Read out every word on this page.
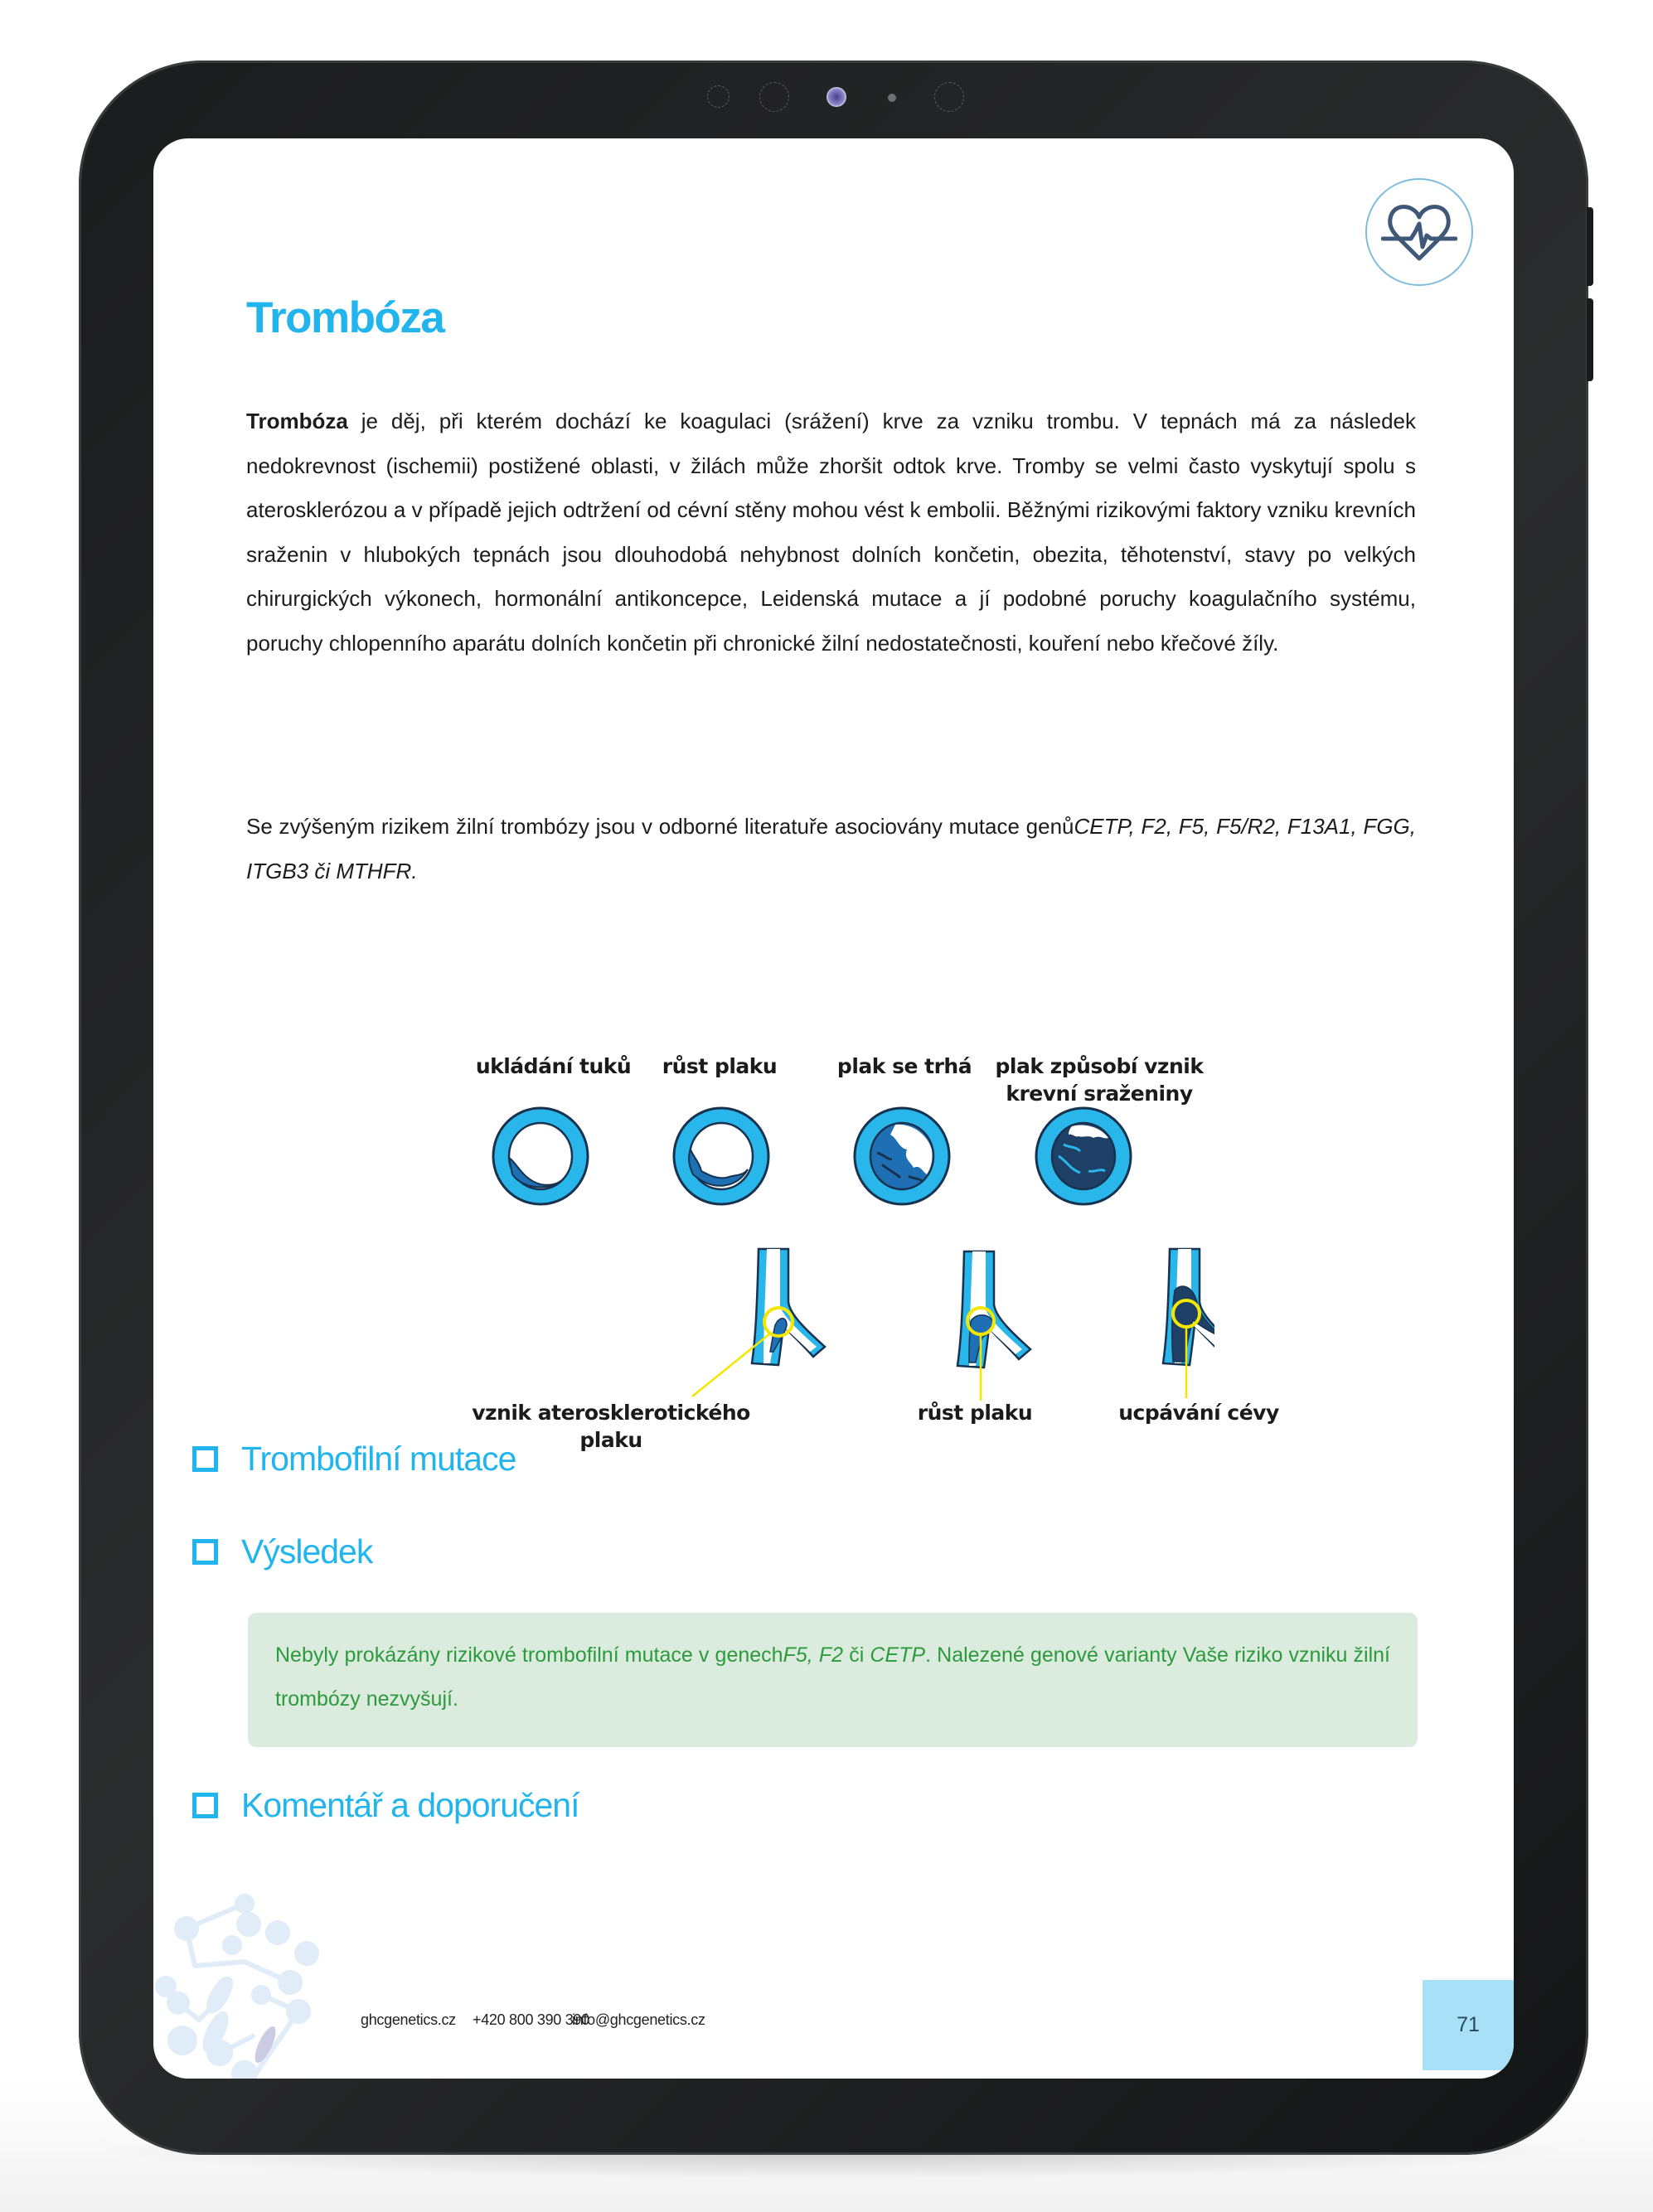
Trombóza

Trombóza je děj, při kterém dochází ke koagulaci (srážení) krve za vzniku trombu. V tepnách má za následek nedokrevnost (ischemii) postižené oblasti, v žilách může zhoršit odtok krve. Tromby se velmi často vyskytují spolu s aterosklerózou a v případě jejich odtržení od cévní stěny mohou vést k embolii. Běžnými rizikovými faktory vzniku krevních sraženin v hlubokých tepnách jsou dlouhodobá nehybnost dolních končetin, obezita, těhotenství, stavy po velkých chirurgických výkonech, hormonální antikoncepce, Leidenská mutace a jí podobné poruchy koagulačního systému, poruchy chlopenního aparátu dolních končetin při chronické žilní nedostatečnosti, kouření nebo křečové žíly.

Se zvýšeným rizikem žilní trombózy jsou v odborné literatuře asociovány mutace genůCETP, F2, F5, F5/R2, F13A1, FGG, ITGB3 či MTHFR.

ukládání tuků	růst plaku	plak se trhá	plak způsobí vznik krevní sraženiny
vznik aterosklerotického plaku
růst plaku	ucpávání cévy
Trombofilní mutace
Výsledek

Nebyly prokázány rizikové trombofilní mutace v genechF5, F2 či CETP. Nalezené genové varianty Vaše riziko vzniku žilní trombózy nezvyšují.

Komentář a doporučení
ghcgenetics.cz +420 800 390 390
info@ghcgenetics.cz	71
